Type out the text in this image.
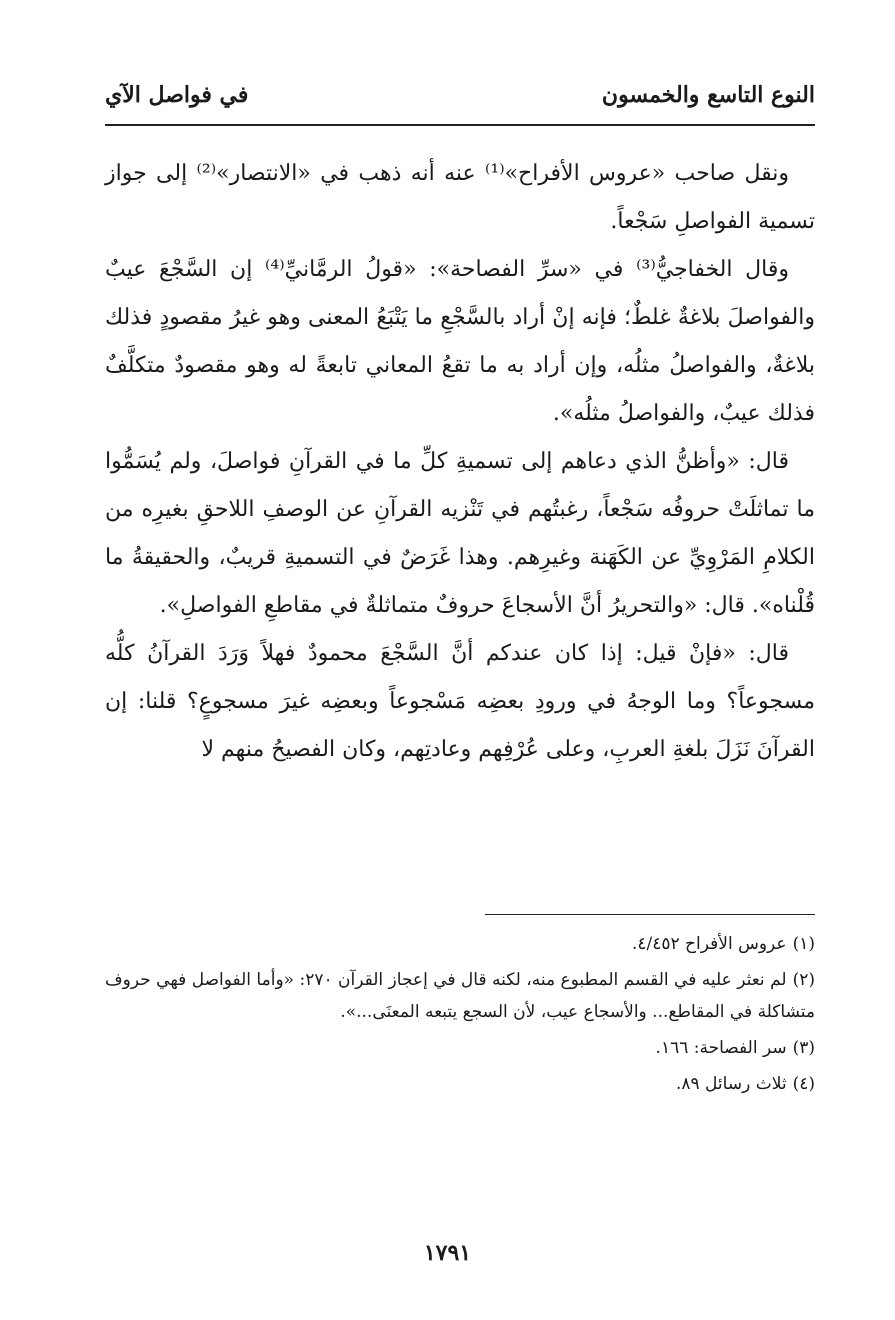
النوع التاسع والخمسون
في فواصل الآي

ونقل صاحب «عروس الأفراح»⁽¹⁾ عنه أنه ذهب في «الانتصار»⁽²⁾ إلى جواز تسمية الفواصلِ سَجْعاً.

وقال الخفاجيُّ⁽³⁾ في «سرِّ الفصاحة»: «قولُ الرمَّانيِّ⁽⁴⁾ إن السَّجْعَ عيبٌ والفواصلَ بلاغةٌ غلطٌ؛ فإنه إنْ أراد بالسَّجْعِ ما يَتْبَعُ المعنى وهو غيرُ مقصودٍ فذلك بلاغةٌ، والفواصلُ مثلُه، وإن أراد به ما تقعُ المعاني تابعةً له وهو مقصودٌ متكلَّفٌ فذلك عيبٌ، والفواصلُ مثلُه».

قال: «وأظنُّ الذي دعاهم إلى تسميةِ كلِّ ما في القرآنِ فواصلَ، ولم يُسَمُّوا ما تماثلَتْ حروفُه سَجْعاً، رغبتُهم في تَنْزيه القرآنِ عن الوصفِ اللاحقِ بغيرِه من الكلامِ المَرْوِيِّ عن الكَهَنة وغيرِهم. وهذا غَرَضٌ في التسميةِ قريبٌ، والحقيقةُ ما قُلْناه». قال: «والتحريرُ أنَّ الأسجاعَ حروفٌ متماثلةٌ في مقاطعِ الفواصلِ».

قال: «فإنْ قيل: إذا كان عندكم أنَّ السَّجْعَ محمودٌ فهلاً وَرَدَ القرآنُ كلُّه مسجوعاً؟ وما الوجهُ في ورودِ بعضِه مَسْجوعاً وبعضِه غيرَ مسجوعٍ؟ قلنا: إن القرآنَ نَزَلَ بلغةِ العربِ، وعلى عُرْفِهم وعادتِهم، وكان الفصيحُ منهم لا

(١)عروس الأفراح ٤/٤٥٢.
(٢)لم نعثر عليه في القسم المطبوع منه، لكنه قال في إعجاز القرآن ٢٧٠: «وأما الفواصل فهي حروف متشاكلة في المقاطع... والأسجاع عيب، لأن السجع يتبعه المعنَى...».
(٣)سر الفصاحة: ١٦٦.
(٤)ثلاث رسائل ٨٩.
١٧٩١
